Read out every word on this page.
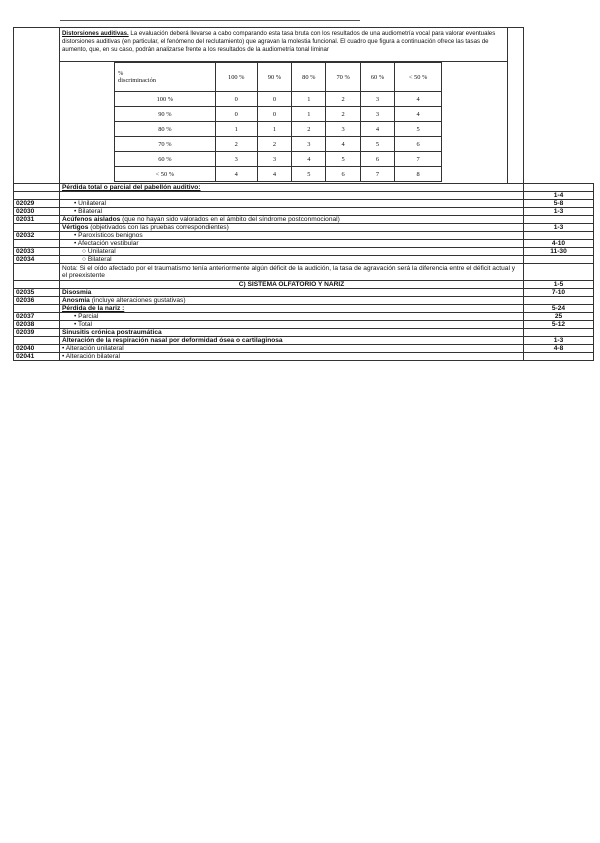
Distorsiones auditivas. La evaluación deberá llevarse a cabo comparando esta tasa bruta con los resultados de una audiometría vocal para valorar eventuales distorsiones auditivas (en particular, el fenómeno del reclutamiento) que agravan la molestia funcional. El cuadro que figura a continuación ofrece las tasas de aumento, que, en su caso, podrán analizarse frente a los resultados de la audiometría tonal liminar
%
discriminación	100 %	90 %	80 %	70 %	60 %	< 50 %
100 %	0	0	1	2	3	4
90 %	0	0	1	2	3	4
80 %	1	1	2	3	4	5
70 %	2	2	3	4	5	6
60 %	3	3	4	5	6	7
< 50 %	4	4	5	6	7	8
	Pérdida total o parcial del pabellón auditivo:	
		1-4
02029	• Unilateral	5-8
02030	• Bilateral	1-3
02031	Acúfenos aislados (que no hayan sido valorados en el ámbito del síndrome postconmocional)	
	Vértigos (objetivados con las pruebas correspondientes)	1-3
02032	• Paroxísticos benignos	
	• Afectación vestibular	4-10
02033	○ Unilateral	11-30
02034	○ Bilateral	
	Nota: Si el oído afectado por el traumatismo tenía anteriormente algún déficit de la audición, la tasa de agravación será la diferencia entre el déficit actual y el preexistente	
	C) SISTEMA OLFATORIO Y NARIZ	1-5
02035	Disosmia	7-10
02036	Anosmia (incluye alteraciones gustativas)	
	Pérdida de la nariz :	5-24
02037	• Parcial	25
02038	• Total	5-12
02039	Sinusitis crónica postraumática	
	Alteración de la respiración nasal por deformidad ósea o cartilaginosa	1-3
02040	• Alteración unilateral	4-8
02041	• Alteración bilateral	
